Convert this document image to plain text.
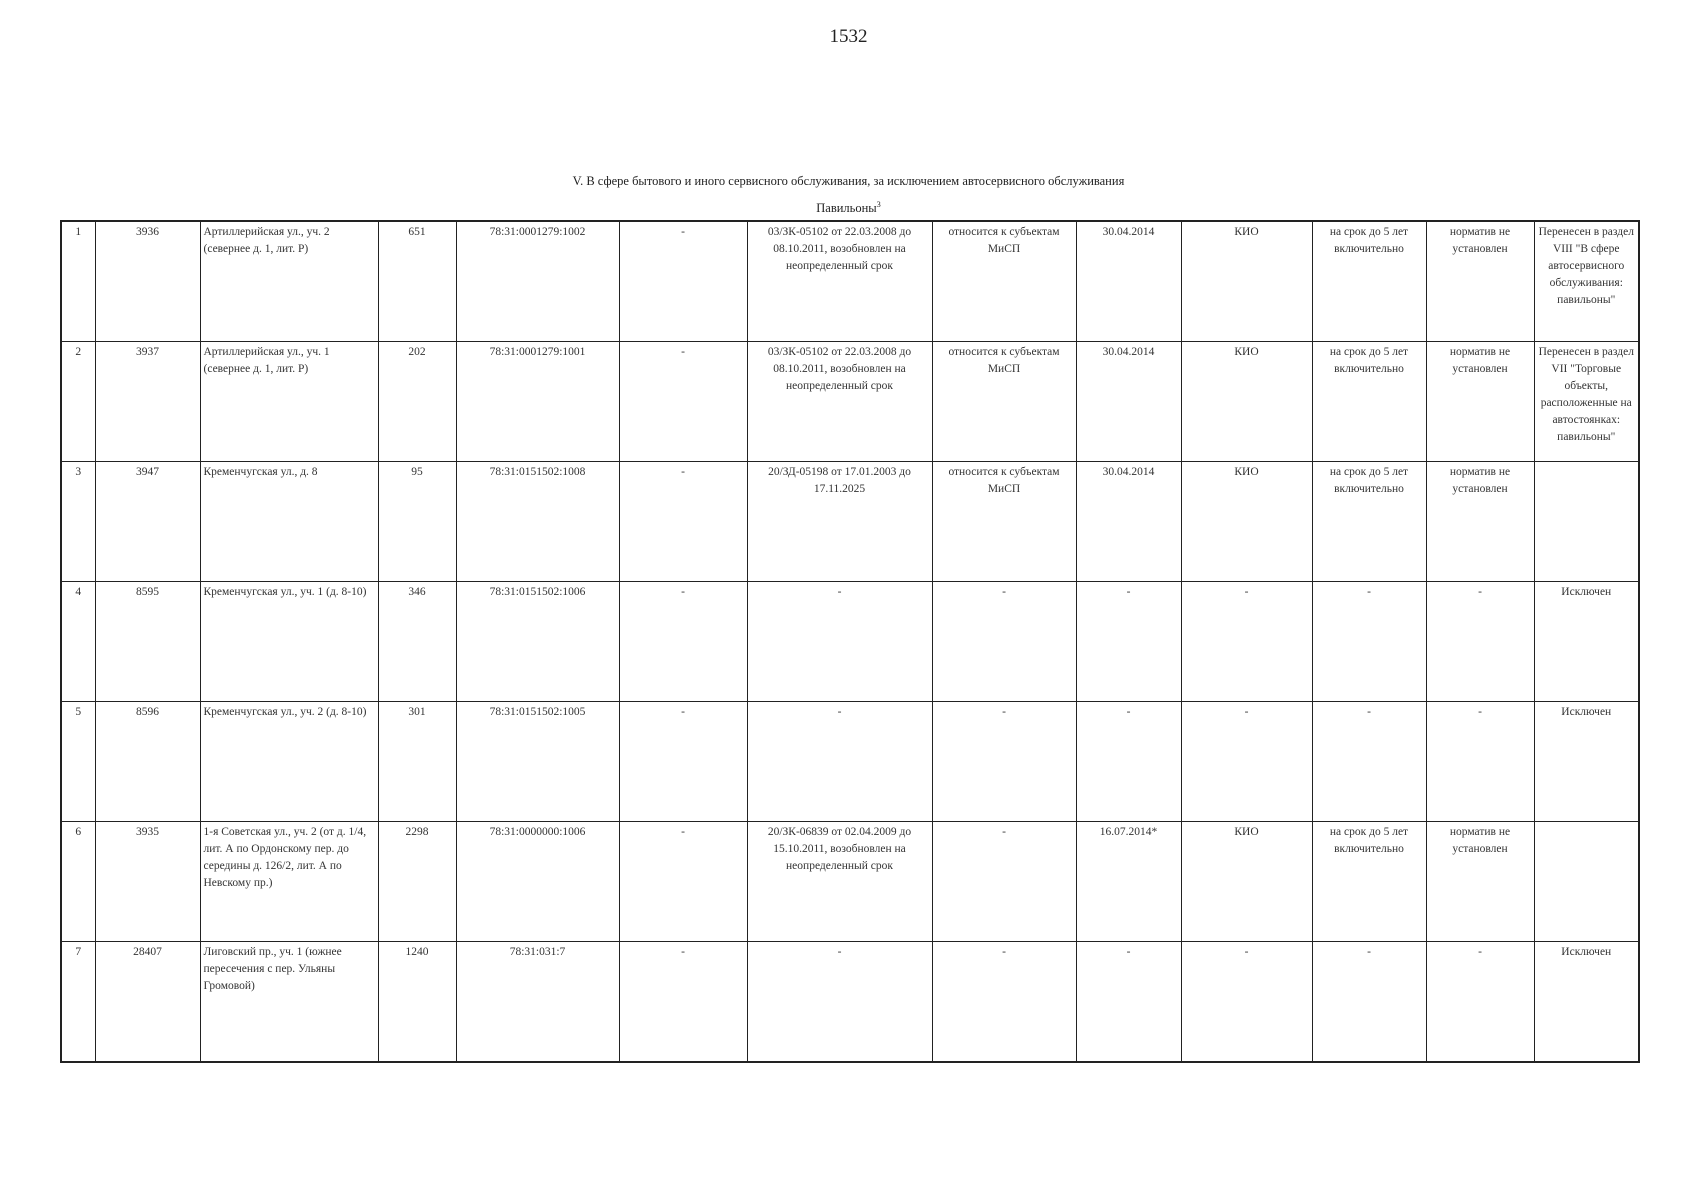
1532
V. В сфере бытового и иного сервисного обслуживания, за исключением автосервисного обслуживания
Павильоны$^3$
1	3936	Артиллерийская ул., уч. 2 (севернее д. 1, лит. Р)	651	78:31:0001279:1002	-	03/ЗК-05102 от 22.03.2008 до 08.10.2011, возобновлен на неопределенный срок	относится к субъектам МиСП	30.04.2014	КИО	на срок до 5 лет включительно	норматив не установлен	Перенесен в раздел VIII "В сфере автосервисного обслуживания: павильоны"
2	3937	Артиллерийская ул., уч. 1 (севернее д. 1, лит. Р)	202	78:31:0001279:1001	-	03/ЗК-05102 от 22.03.2008 до 08.10.2011, возобновлен на неопределенный срок	относится к субъектам МиСП	30.04.2014	КИО	на срок до 5 лет включительно	норматив не установлен	Перенесен в раздел VII "Торговые объекты, расположенные на автостоянках: павильоны"
3	3947	Кременчугская ул., д. 8	95	78:31:0151502:1008	-	20/ЗД-05198 от 17.01.2003 до 17.11.2025	относится к субъектам МиСП	30.04.2014	КИО	на срок до 5 лет включительно	норматив не установлен	
4	8595	Кременчугская ул., уч. 1 (д. 8-10)	346	78:31:0151502:1006	-	-	-	-	-	-	-	Исключен
5	8596	Кременчугская ул., уч. 2 (д. 8-10)	301	78:31:0151502:1005	-	-	-	-	-	-	-	Исключен
6	3935	1-я Советская ул., уч. 2 (от д. 1/4, лит. А по Ордонскому пер. до середины д. 126/2, лит. А по Невскому пр.)	2298	78:31:0000000:1006	-	20/ЗК-06839 от 02.04.2009 до 15.10.2011, возобновлен на неопределенный срок	-	16.07.2014*	КИО	на срок до 5 лет включительно	норматив не установлен	
7	28407	Лиговский пр., уч. 1 (южнее пересечения с пер. Ульяны Громовой)	1240	78:31:031:7	-	-	-	-	-	-	-	Исключен
